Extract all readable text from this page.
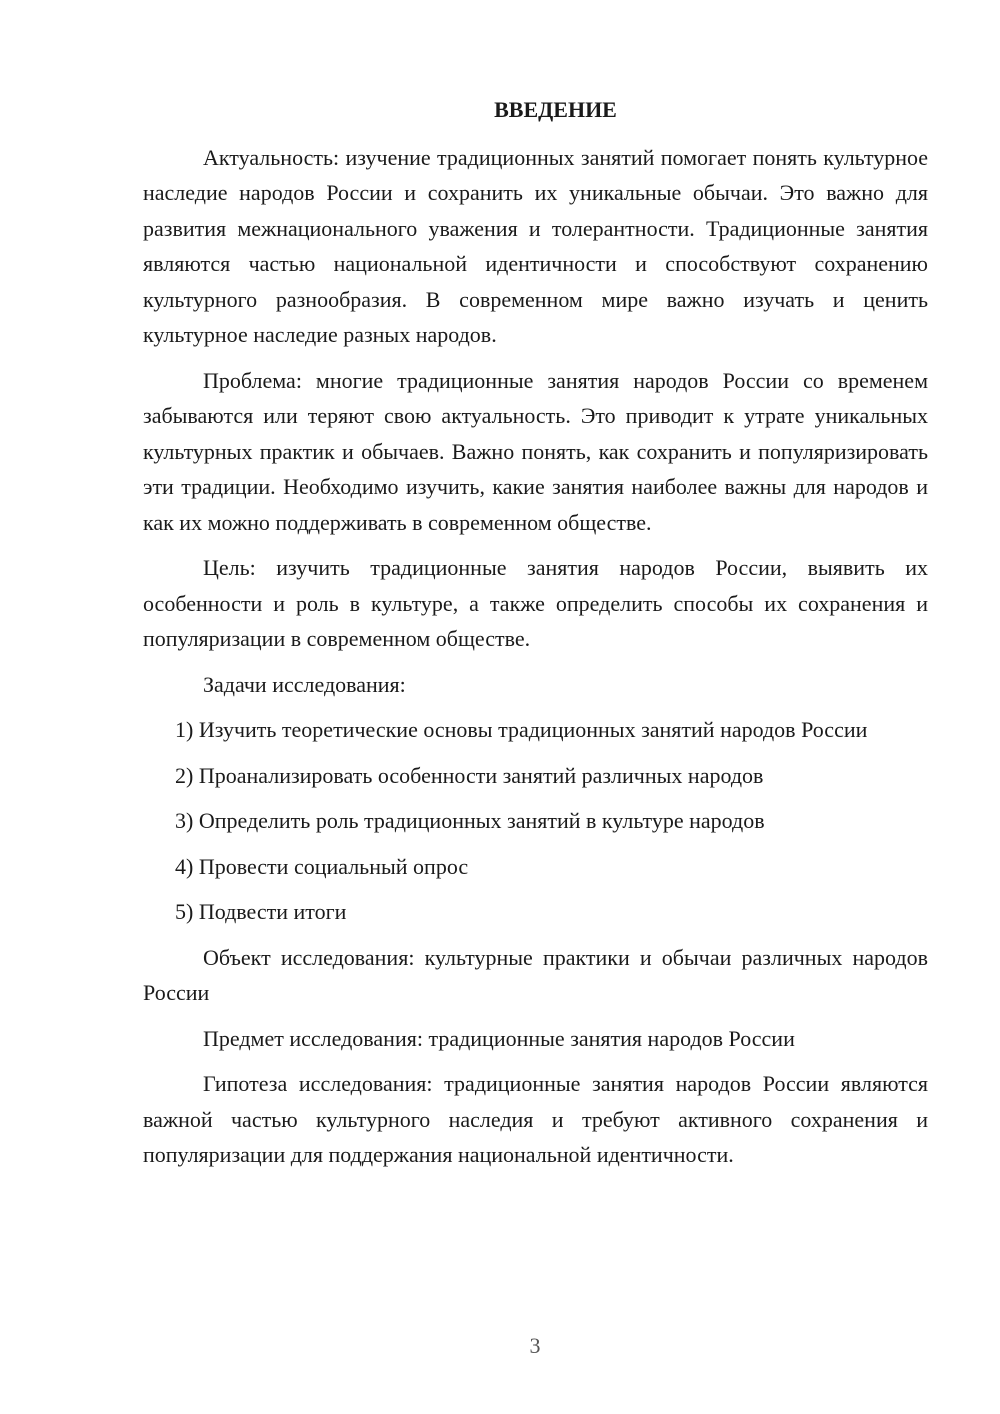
ВВЕДЕНИЕ

Актуальность: изучение традиционных занятий помогает понять культурное наследие народов России и сохранить их уникальные обычаи. Это важно для развития межнационального уважения и толерантности. Традиционные занятия являются частью национальной идентичности и способствуют сохранению культурного разнообразия. В современном мире важно изучать и ценить культурное наследие разных народов.

Проблема: многие традиционные занятия народов России со временем забываются или теряют свою актуальность. Это приводит к утрате уникальных культурных практик и обычаев. Важно понять, как сохранить и популяризировать эти традиции. Необходимо изучить, какие занятия наиболее важны для народов и как их можно поддерживать в современном обществе.

Цель: изучить традиционные занятия народов России, выявить их особенности и роль в культуре, а также определить способы их сохранения и популяризации в современном обществе.

Задачи исследования:

1) Изучить теоретические основы традиционных занятий народов России

2) Проанализировать особенности занятий различных народов

3) Определить роль традиционных занятий в культуре народов

4) Провести социальный опрос

5) Подвести итоги

Объект исследования: культурные практики и обычаи различных народов России

Предмет исследования: традиционные занятия народов России

Гипотеза исследования: традиционные занятия народов России являются важной частью культурного наследия и требуют активного сохранения и популяризации для поддержания национальной идентичности.

3
